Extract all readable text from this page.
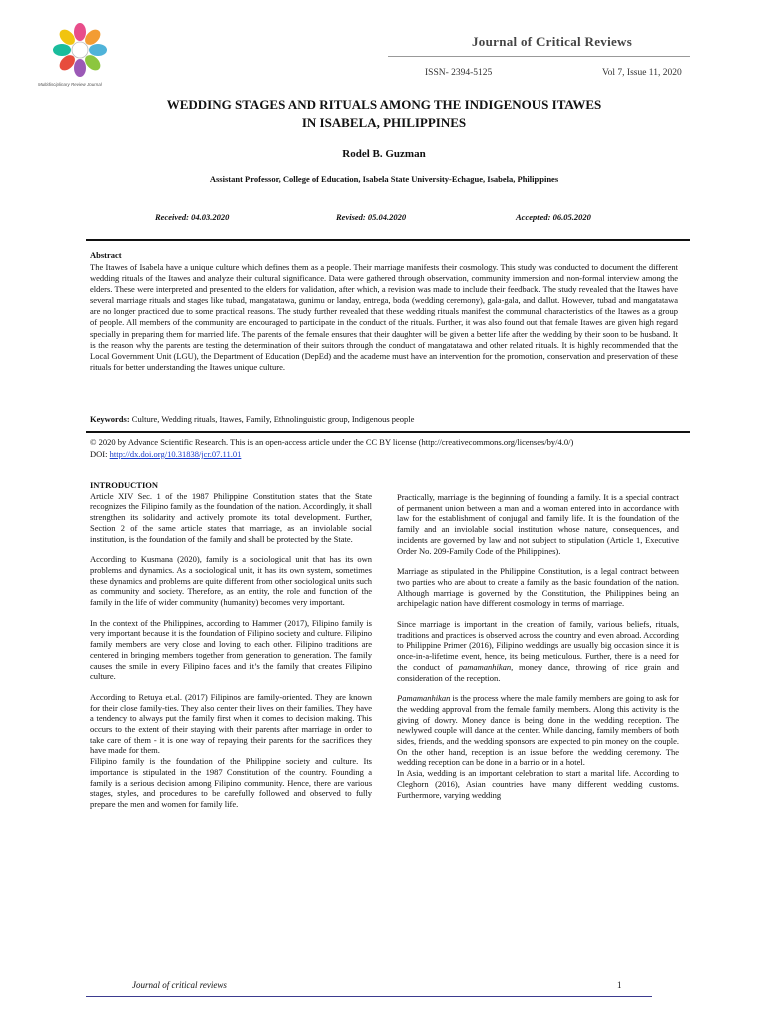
Multidisciplinary Review Journal
Journal of Critical Reviews
ISSN- 2394-5125	Vol 7, Issue 11, 2020
WEDDING STAGES AND RITUALS AMONG THE INDIGENOUS ITAWES
IN ISABELA, PHILIPPINES
Rodel B. Guzman
Assistant Professor, College of Education, Isabela State University-Echague, Isabela, Philippines
Received: 04.03.2020	Revised: 05.04.2020	Accepted: 06.05.2020
Abstract
The Itawes of Isabela have a unique culture which defines them as a people. Their marriage manifests their cosmology. This study was conducted to document the different wedding rituals of the Itawes and analyze their cultural significance. Data were gathered through observation, community immersion and non-formal interview among the elders. These were interpreted and presented to the elders for validation, after which, a revision was made to include their feedback. The study revealed that the Itawes have several marriage rituals and stages like tubad, mangatatawa, gunimu or landay, entrega, boda (wedding ceremony), gala-gala, and dallut. However, tubad and mangatatawa are no longer practiced due to some practical reasons. The study further revealed that these wedding rituals manifest the communal characteristics of the Itawes as a group of people. All members of the community are encouraged to participate in the conduct of the rituals. Further, it was also found out that female Itawes are given high regard specially in preparing them for married life. The parents of the female ensures that their daughter will be given a better life after the wedding by their soon to be husband. It is the reason why the parents are testing the determination of their suitors through the conduct of mangatatawa and other related rituals. It is highly recommended that the Local Government Unit (LGU), the Department of Education (DepEd) and the academe must have an intervention for the promotion, conservation and preservation of these rituals for better understanding the Itawes unique culture.
Keywords: Culture, Wedding rituals, Itawes, Family, Ethnolinguistic group, Indigenous people
© 2020 by Advance Scientific Research. This is an open-access article under the CC BY license (http://creativecommons.org/licenses/by/4.0/)
DOI: http://dx.doi.org/10.31838/jcr.07.11.01

INTRODUCTION

Article XIV Sec. 1 of the 1987 Philippine Constitution states that the State recognizes the Filipino family as the foundation of the nation. Accordingly, it shall strengthen its solidarity and actively promote its total development. Further, Section 2 of the same article states that marriage, as an inviolable social institution, is the foundation of the family and shall be protected by the State.

According to Kusmana (2020), family is a sociological unit that has its own problems and dynamics. As a sociological unit, it has its own system, sometimes these dynamics and problems are quite different from other sociological units such as community and society. Therefore, as an entity, the role and function of the family in the life of wider community (humanity) becomes very important.

In the context of the Philippines, according to Hammer (2017), Filipino family is very important because it is the foundation of Filipino society and culture. Filipino family members are very close and loving to each other. Filipino traditions are centered in bringing members together from generation to generation. The family causes the smile in every Filipino faces and it’s the family that creates Filipino culture.

According to Retuya et.al. (2017) Filipinos are family-oriented. They are known for their close family-ties. They also center their lives on their families. They have a tendency to always put the family first when it comes to decision making. This occurs to the extent of their staying with their parents after marriage in order to take care of them - it is one way of repaying their parents for the sacrifices they have made for them.

Filipino family is the foundation of the Philippine society and culture. Its importance is stipulated in the 1987 Constitution of the country. Founding a family is a serious decision among Filipino community. Hence, there are various stages, styles, and procedures to be carefully followed and observed to fully prepare the men and women for family life.

Practically, marriage is the beginning of founding a family. It is a special contract of permanent union between a man and a woman entered into in accordance with law for the establishment of conjugal and family life. It is the foundation of the family and an inviolable social institution whose nature, consequences, and incidents are governed by law and not subject to stipulation (Article 1, Executive Order No. 209-Family Code of the Philippines).

Marriage as stipulated in the Philippine Constitution, is a legal contract between two parties who are about to create a family as the basic foundation of the nation. Although marriage is governed by the Constitution, the Philippines being an archipelagic nation have different cosmology in terms of marriage.

Since marriage is important in the creation of family, various beliefs, rituals, traditions and practices is observed across the country and even abroad. According to Philippine Primer (2016), Filipino weddings are usually big occasion since it is once-in-a-lifetime event, hence, its being meticulous. Further, there is a need for the conduct of pamamanhikan, money dance, throwing of rice grain and consideration of the reception.

Pamamanhikan is the process where the male family members are going to ask for the wedding approval from the female family members. Along this activity is the giving of dowry. Money dance is being done in the wedding reception. The newlywed couple will dance at the center. While dancing, family members of both sides, friends, and the wedding sponsors are expected to pin money on the couple. On the other hand, reception is an issue before the wedding ceremony. The wedding reception can be done in a barrio or in a hotel.

In Asia, wedding is an important celebration to start a marital life. According to Cleghorn (2016), Asian countries have many different wedding customs. Furthermore, varying wedding

Journal of critical reviews	1
